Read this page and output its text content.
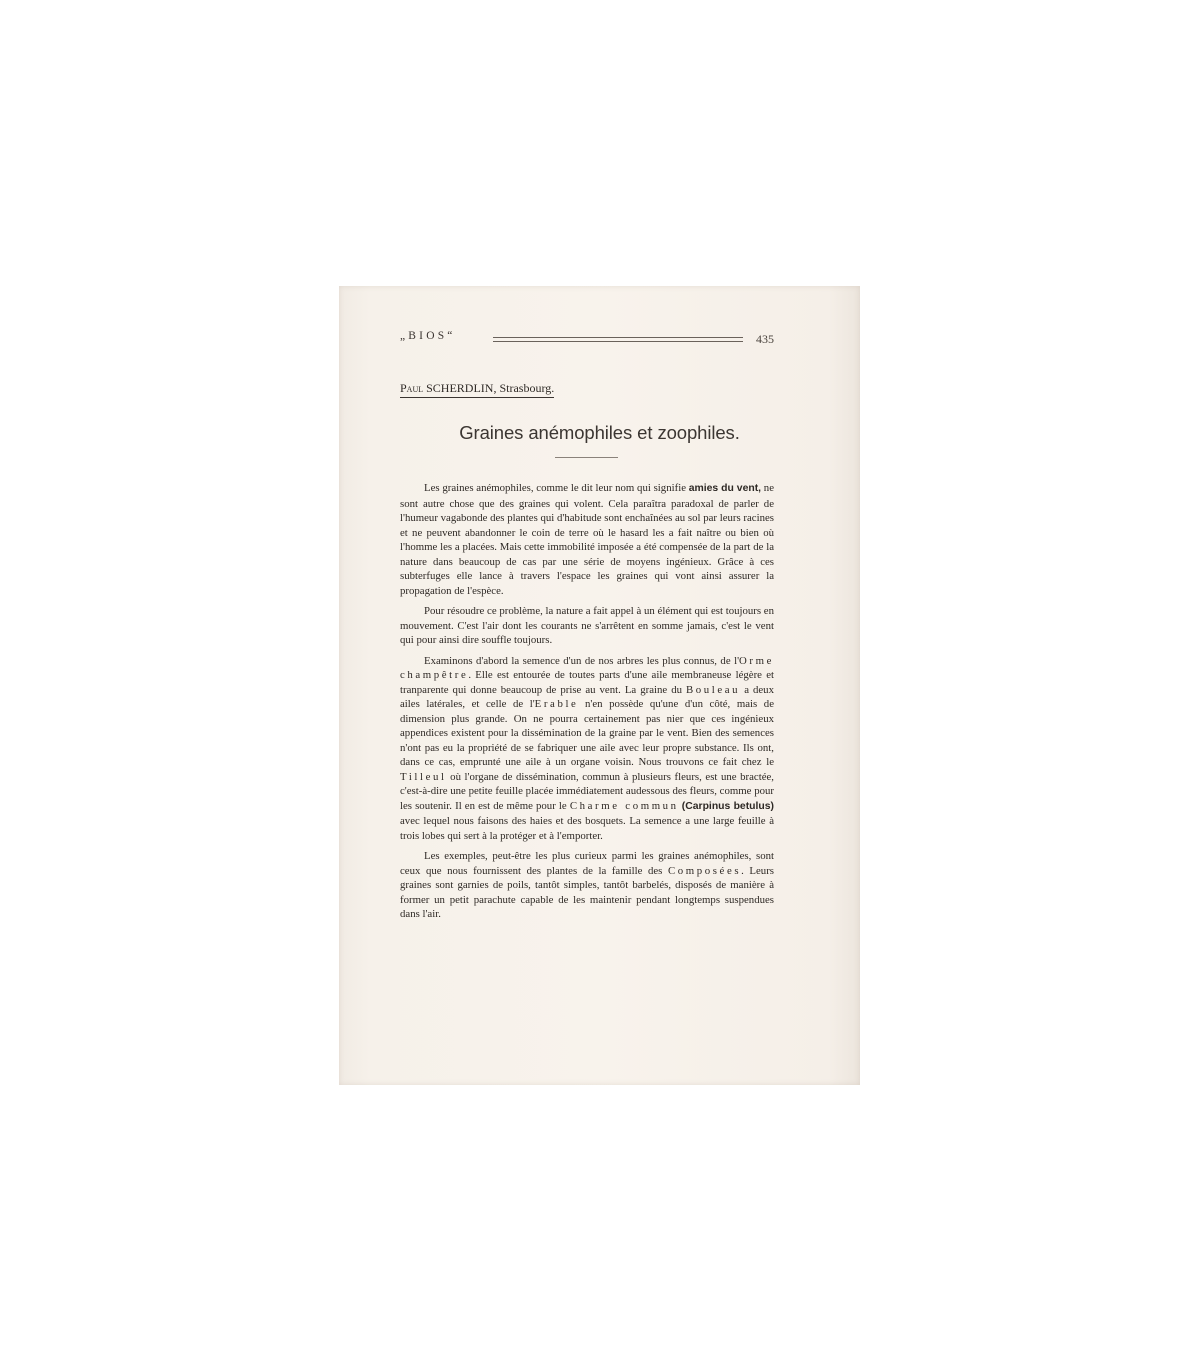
„BIOS“	435
Paul SCHERDLIN, Strasbourg.
Graines anémophiles et zoophiles.

Les graines anémophiles, comme le dit leur nom qui signifie amies du vent, ne sont autre chose que des graines qui volent. Cela paraîtra paradoxal de parler de l'humeur vagabonde des plantes qui d'habitude sont enchaînées au sol par leurs racines et ne peuvent abandonner le coin de terre où le hasard les a fait naître ou bien où l'homme les a placées. Mais cette immobilité imposée a été compensée de la part de la nature dans beaucoup de cas par une série de moyens ingénieux. Grâce à ces subterfuges elle lance à travers l'espace les graines qui vont ainsi assurer la propagation de l'espèce.

Pour résoudre ce problème, la nature a fait appel à un élément qui est toujours en mouvement. C'est l'air dont les courants ne s'arrêtent en somme jamais, c'est le vent qui pour ainsi dire souffle toujours.

Examinons d'abord la semence d'un de nos arbres les plus connus, de l'Orme champêtre. Elle est entourée de toutes parts d'une aile membraneuse légère et tranparente qui donne beaucoup de prise au vent. La graine du Bouleau a deux ailes latérales, et celle de l'Erable n'en possède qu'une d'un côté, mais de dimension plus grande. On ne pourra certainement pas nier que ces ingénieux appendices existent pour la dissémination de la graine par le vent. Bien des semences n'ont pas eu la propriété de se fabriquer une aile avec leur propre substance. Ils ont, dans ce cas, emprunté une aile à un organe voisin. Nous trouvons ce fait chez le Tilleul où l'organe de dissémination, commun à plusieurs fleurs, est une bractée, c'est-à-dire une petite feuille placée immédiatement audessous des fleurs, comme pour les soutenir. Il en est de même pour le Charme commun (Carpinus betulus) avec lequel nous faisons des haies et des bosquets. La semence a une large feuille à trois lobes qui sert à la protéger et à l'emporter.

Les exemples, peut-être les plus curieux parmi les graines anémophiles, sont ceux que nous fournissent des plantes de la famille des Composées. Leurs graines sont garnies de poils, tantôt simples, tantôt barbelés, disposés de manière à former un petit parachute capable de les maintenir pendant longtemps suspendues dans l'air.
